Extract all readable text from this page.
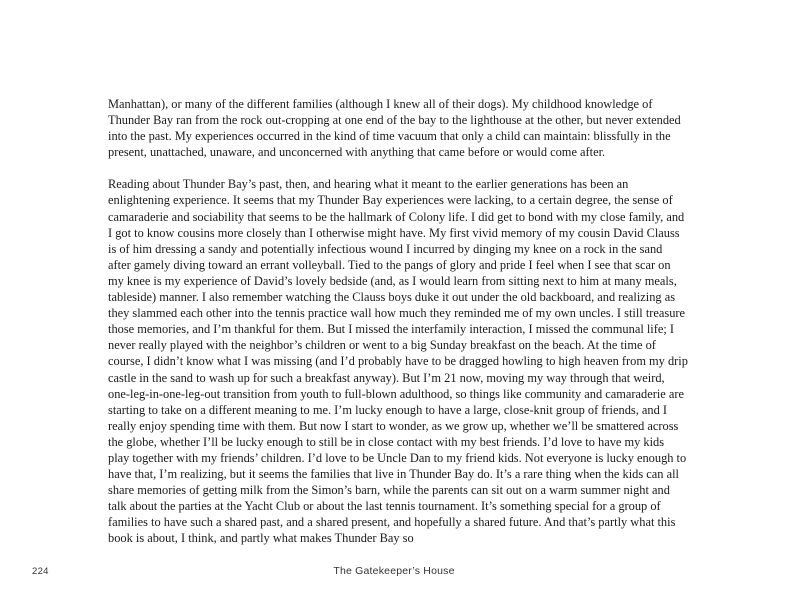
Manhattan), or many of the different families (although I knew all of their dogs). My childhood knowledge of Thunder Bay ran from the rock out-cropping at one end of the bay to the lighthouse at the other, but never extended into the past. My experiences occurred in the kind of time vacuum that only a child can maintain: blissfully in the present, unattached, unaware, and unconcerned with anything that came before or would come after.

Reading about Thunder Bay’s past, then, and hearing what it meant to the earlier generations has been an enlightening experience. It seems that my Thunder Bay experiences were lacking, to a certain degree, the sense of camaraderie and sociability that seems to be the hallmark of Colony life. I did get to bond with my close family, and I got to know cousins more closely than I otherwise might have. My first vivid memory of my cousin David Clauss is of him dressing a sandy and potentially infectious wound I incurred by dinging my knee on a rock in the sand after gamely diving toward an errant volleyball. Tied to the pangs of glory and pride I feel when I see that scar on my knee is my experience of David’s lovely bedside (and, as I would learn from sitting next to him at many meals, tableside) manner. I also remember watching the Clauss boys duke it out under the old backboard, and realizing as they slammed each other into the tennis practice wall how much they reminded me of my own uncles. I still treasure those memories, and I’m thankful for them. But I missed the interfamily interaction, I missed the communal life; I never really played with the neighbor’s children or went to a big Sunday breakfast on the beach. At the time of course, I didn’t know what I was missing (and I’d probably have to be dragged howling to high heaven from my drip castle in the sand to wash up for such a breakfast anyway). But I’m 21 now, moving my way through that weird, one-leg-in-one-leg-out transition from youth to full-blown adulthood, so things like community and camaraderie are starting to take on a different meaning to me. I’m lucky enough to have a large, close-knit group of friends, and I really enjoy spending time with them. But now I start to wonder, as we grow up, whether we’ll be smattered across the globe, whether I’ll be lucky enough to still be in close contact with my best friends. I’d love to have my kids play together with my friends’ children. I’d love to be Uncle Dan to my friend kids. Not everyone is lucky enough to have that, I’m realizing, but it seems the families that live in Thunder Bay do. It’s a rare thing when the kids can all share memories of getting milk from the Simon’s barn, while the parents can sit out on a warm summer night and talk about the parties at the Yacht Club or about the last tennis tournament. It’s something special for a group of families to have such a shared past, and a shared present, and hopefully a shared future. And that’s partly what this book is about, I think, and partly what makes Thunder Bay so

224	The Gatekeeper’s House
